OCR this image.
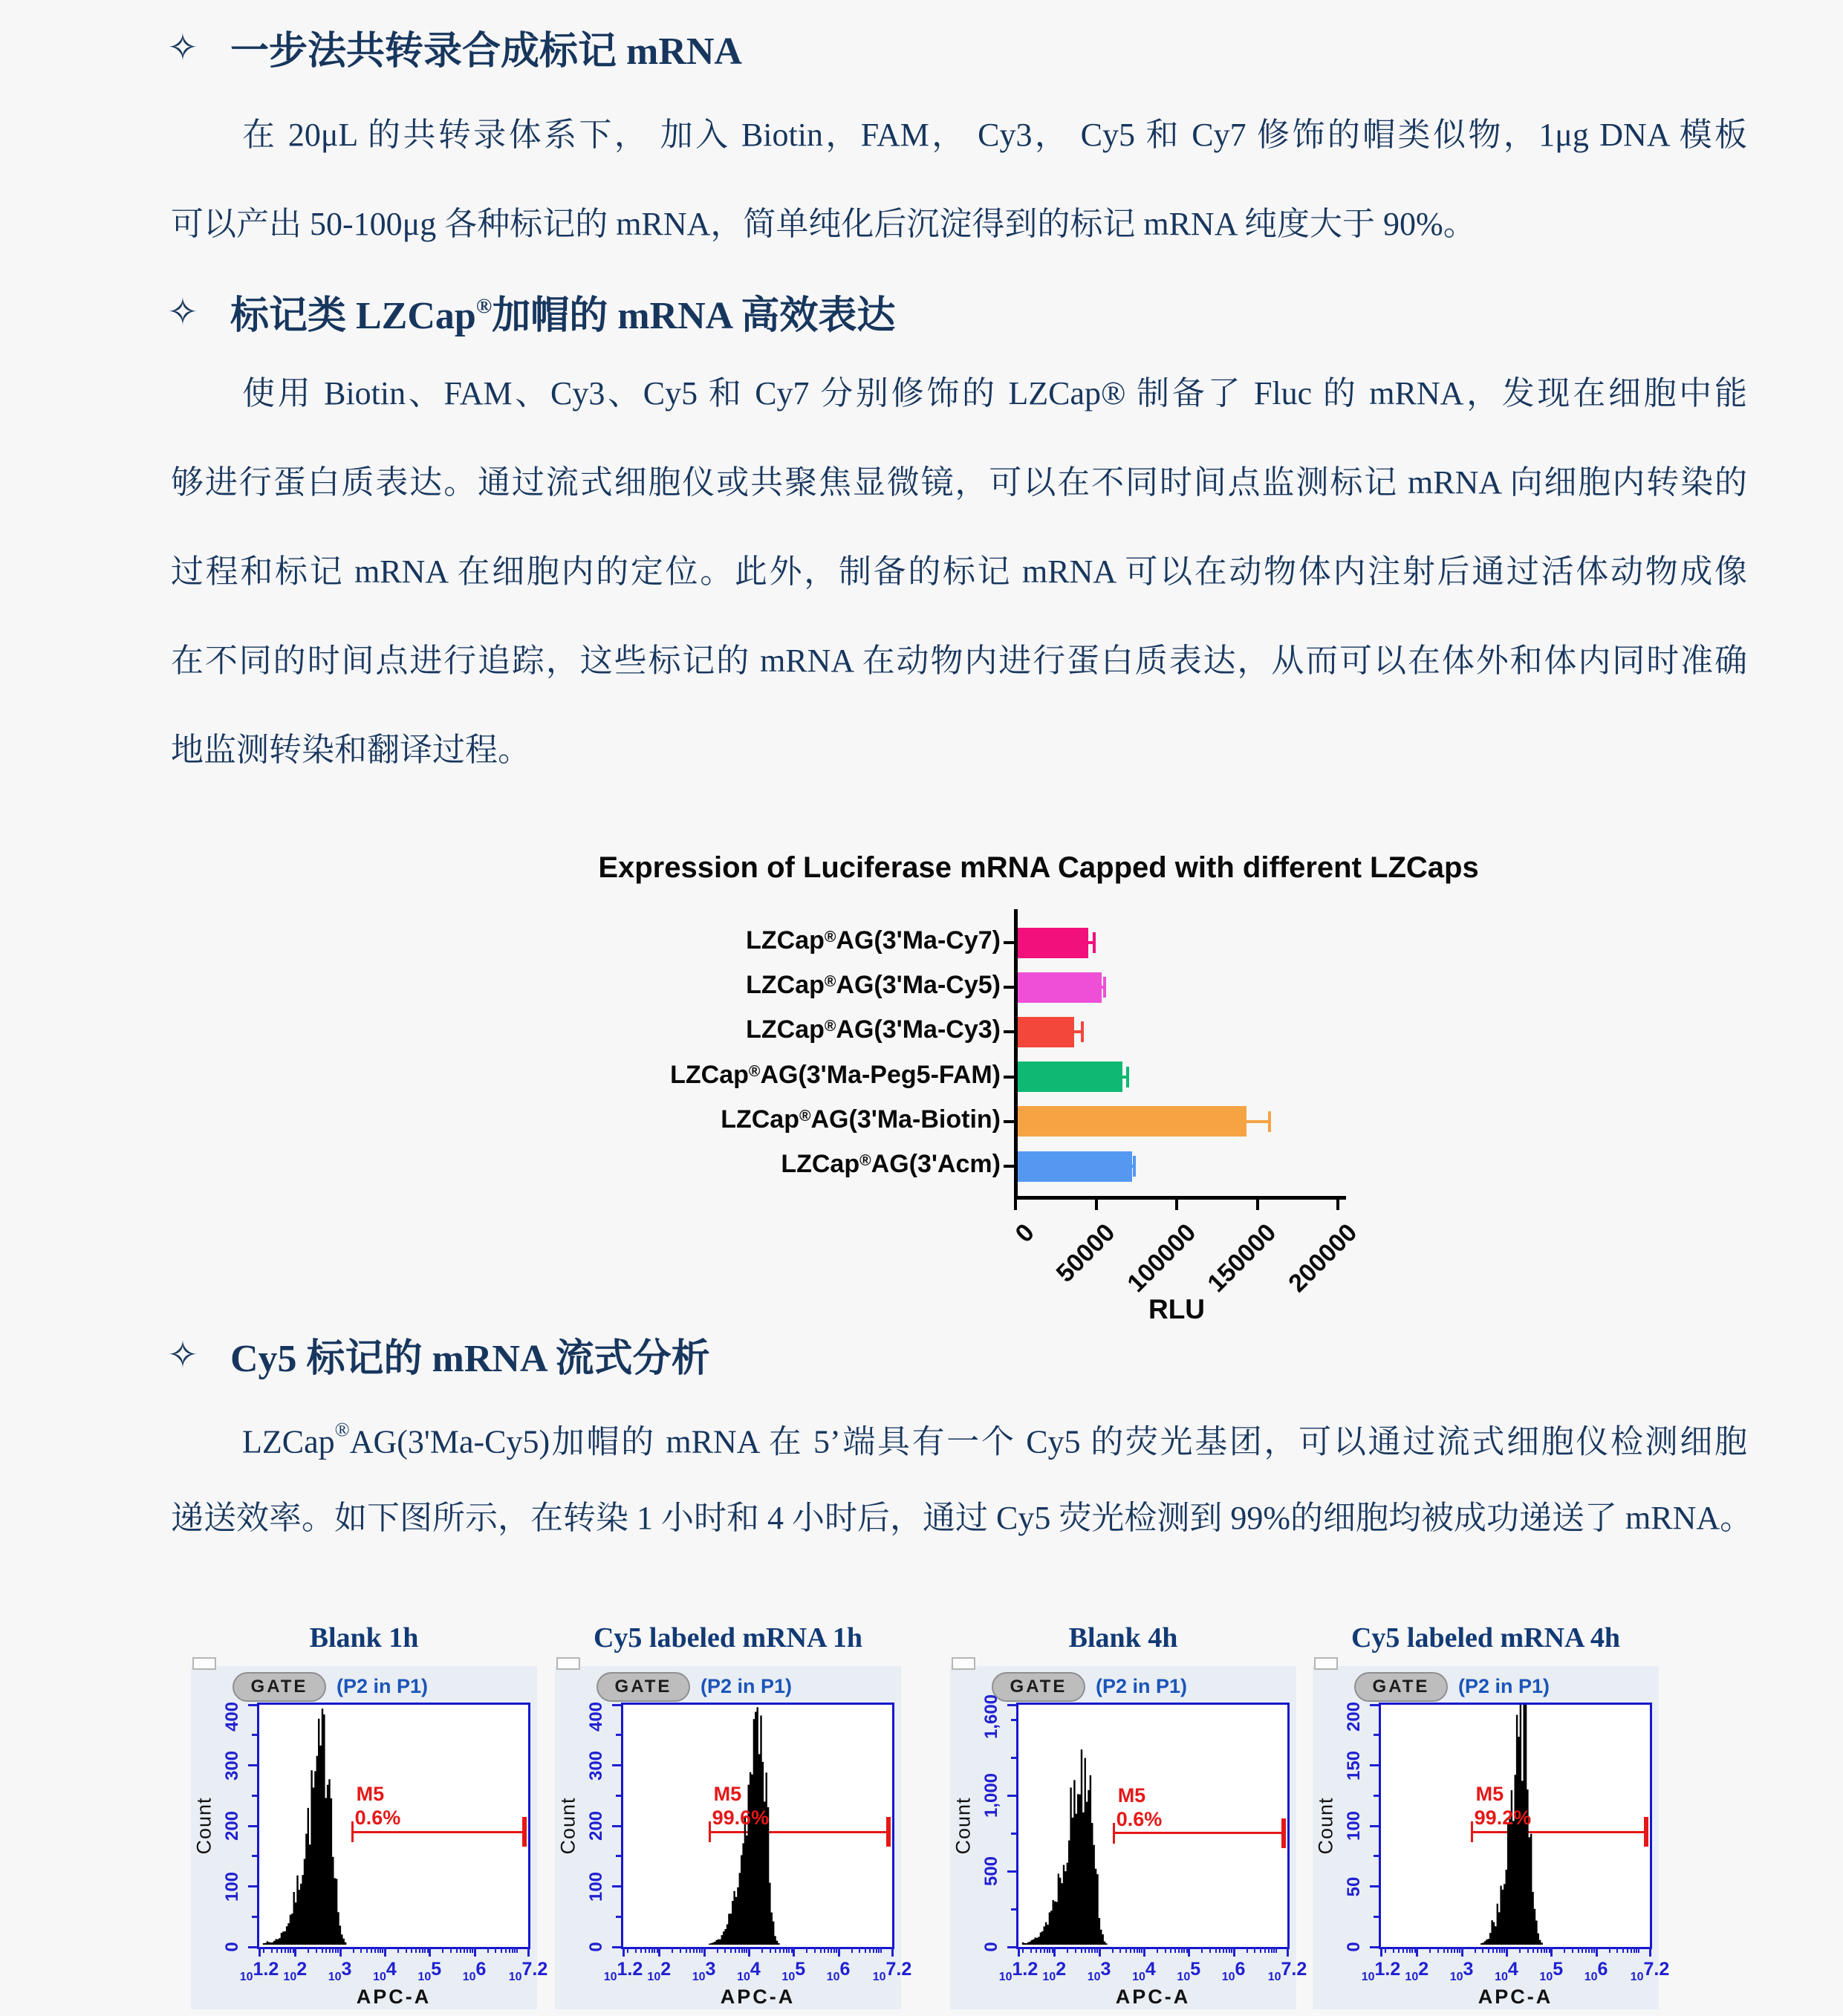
✧ 一步法共转录合成标记 mRNA
在 20μL 的共转录体系下， 加入 Biotin，FAM， Cy3， Cy5 和 Cy7 修饰的帽类似物，1μg DNA 模板
可以产出 50-100μg 各种标记的 mRNA，简单纯化后沉淀得到的标记 mRNA 纯度大于 90%。
✧ 标记类 LZCap®加帽的 mRNA 高效表达
使用 Biotin、FAM、Cy3、Cy5 和 Cy7 分别修饰的 LZCap® 制备了 Fluc 的 mRNA，发现在细胞中能
够进行蛋白质表达。通过流式细胞仪或共聚焦显微镜，可以在不同时间点监测标记 mRNA 向细胞内转染的
过程和标记 mRNA 在细胞内的定位。此外，制备的标记 mRNA 可以在动物体内注射后通过活体动物成像
在不同的时间点进行追踪，这些标记的 mRNA 在动物内进行蛋白质表达，从而可以在体外和体内同时准确
地监测转染和翻译过程。
Expression of Luciferase mRNA Capped with different LZCaps
LZCap®AG(3'Ma-Cy7)
LZCap®AG(3'Ma-Cy5)
LZCap®AG(3'Ma-Cy3)
LZCap®AG(3'Ma-Peg5-FAM)
LZCap®AG(3'Ma-Biotin)
LZCap®AG(3'Acm)
0 50000 100000 150000 200000
RLU
✧ Cy5 标记的 mRNA 流式分析
LZCap®AG(3'Ma-Cy5)加帽的 mRNA 在 5’端具有一个 Cy5 的荧光基团，可以通过流式细胞仪检测细胞
递送效率。如下图所示，在转染 1 小时和 4 小时后，通过 Cy5 荧光检测到 99%的细胞均被成功递送了 mRNA。
Blank 1h
GATE	(P2 in P1)
M5
0.6%
0
100
200
300
400
Count
101.2 102 103 104 105 106 107.2
APC-A
Cy5 labeled mRNA 1h
GATE	(P2 in P1)
M5
99.6%
0
100
200
300
400
Count
101.2 102 103 104 105 106 107.2
APC-A
Blank 4h
GATE	(P2 in P1)
M5
0.6%
0
500
1,000
1,600
Count
101.2 102 103 104 105 106 107.2
APC-A
Cy5 labeled mRNA 4h
GATE	(P2 in P1)
M5
99.2%
0
50
100
150
200
Count
101.2 102 103 104 105 106 107.2
APC-A
